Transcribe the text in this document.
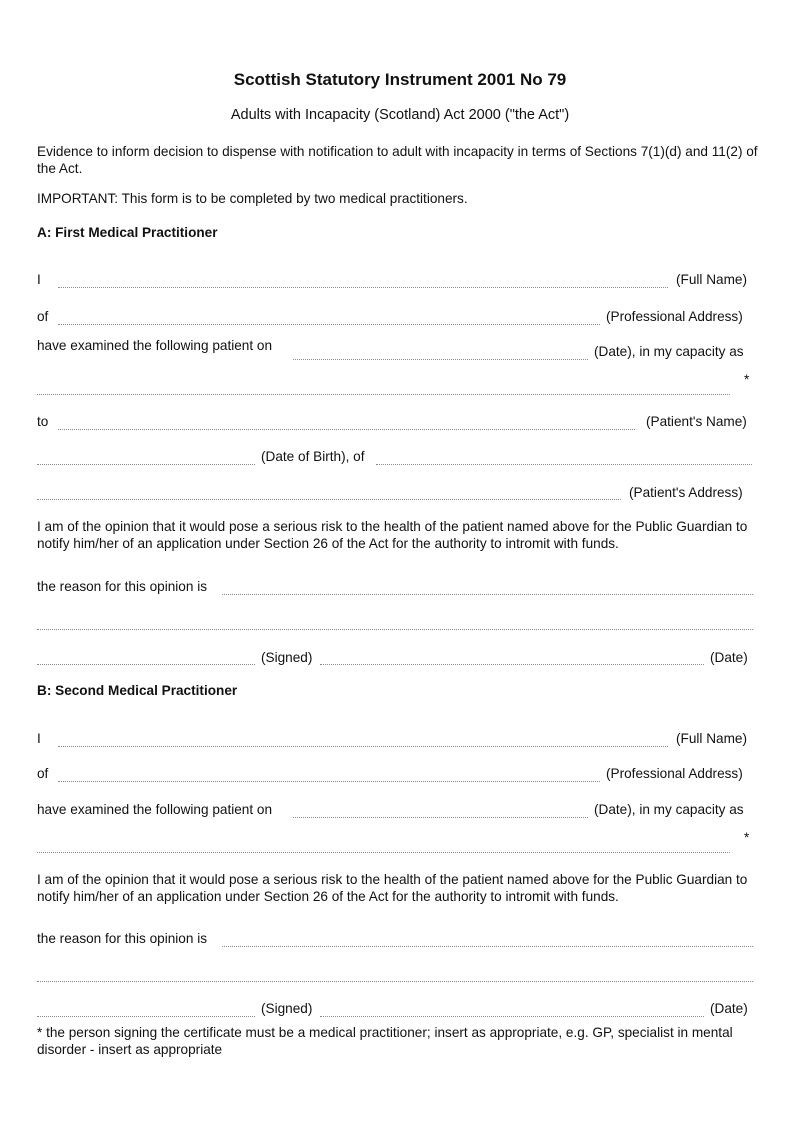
Scottish Statutory Instrument 2001 No 79
Adults with Incapacity (Scotland) Act 2000 ("the Act")
Evidence to inform decision to dispense with notification to adult with incapacity in terms of Sections 7(1)(d) and 11(2) of the Act.
IMPORTANT: This form is to be completed by two medical practitioners.
A: First Medical Practitioner
I	(Full Name)
of	(Professional Address)
have examined the following patient on	(Date), in my capacity as
*
to	(Patient's Name)
(Date of Birth), of
(Patient's Address)
I am of the opinion that it would pose a serious risk to the health of the patient named above for the Public Guardian to notify him/her of an application under Section 26 of the Act for the authority to intromit with funds.
the reason for this opinion is
(Signed)	(Date)
B: Second Medical Practitioner
I	(Full Name)
of	(Professional Address)
have examined the following patient on	(Date), in my capacity as
*
I am of the opinion that it would pose a serious risk to the health of the patient named above for the Public Guardian to notify him/her of an application under Section 26 of the Act for the authority to intromit with funds.
the reason for this opinion is
(Signed)	(Date)
* the person signing the certificate must be a medical practitioner; insert as appropriate, e.g. GP, specialist in mental disorder - insert as appropriate
